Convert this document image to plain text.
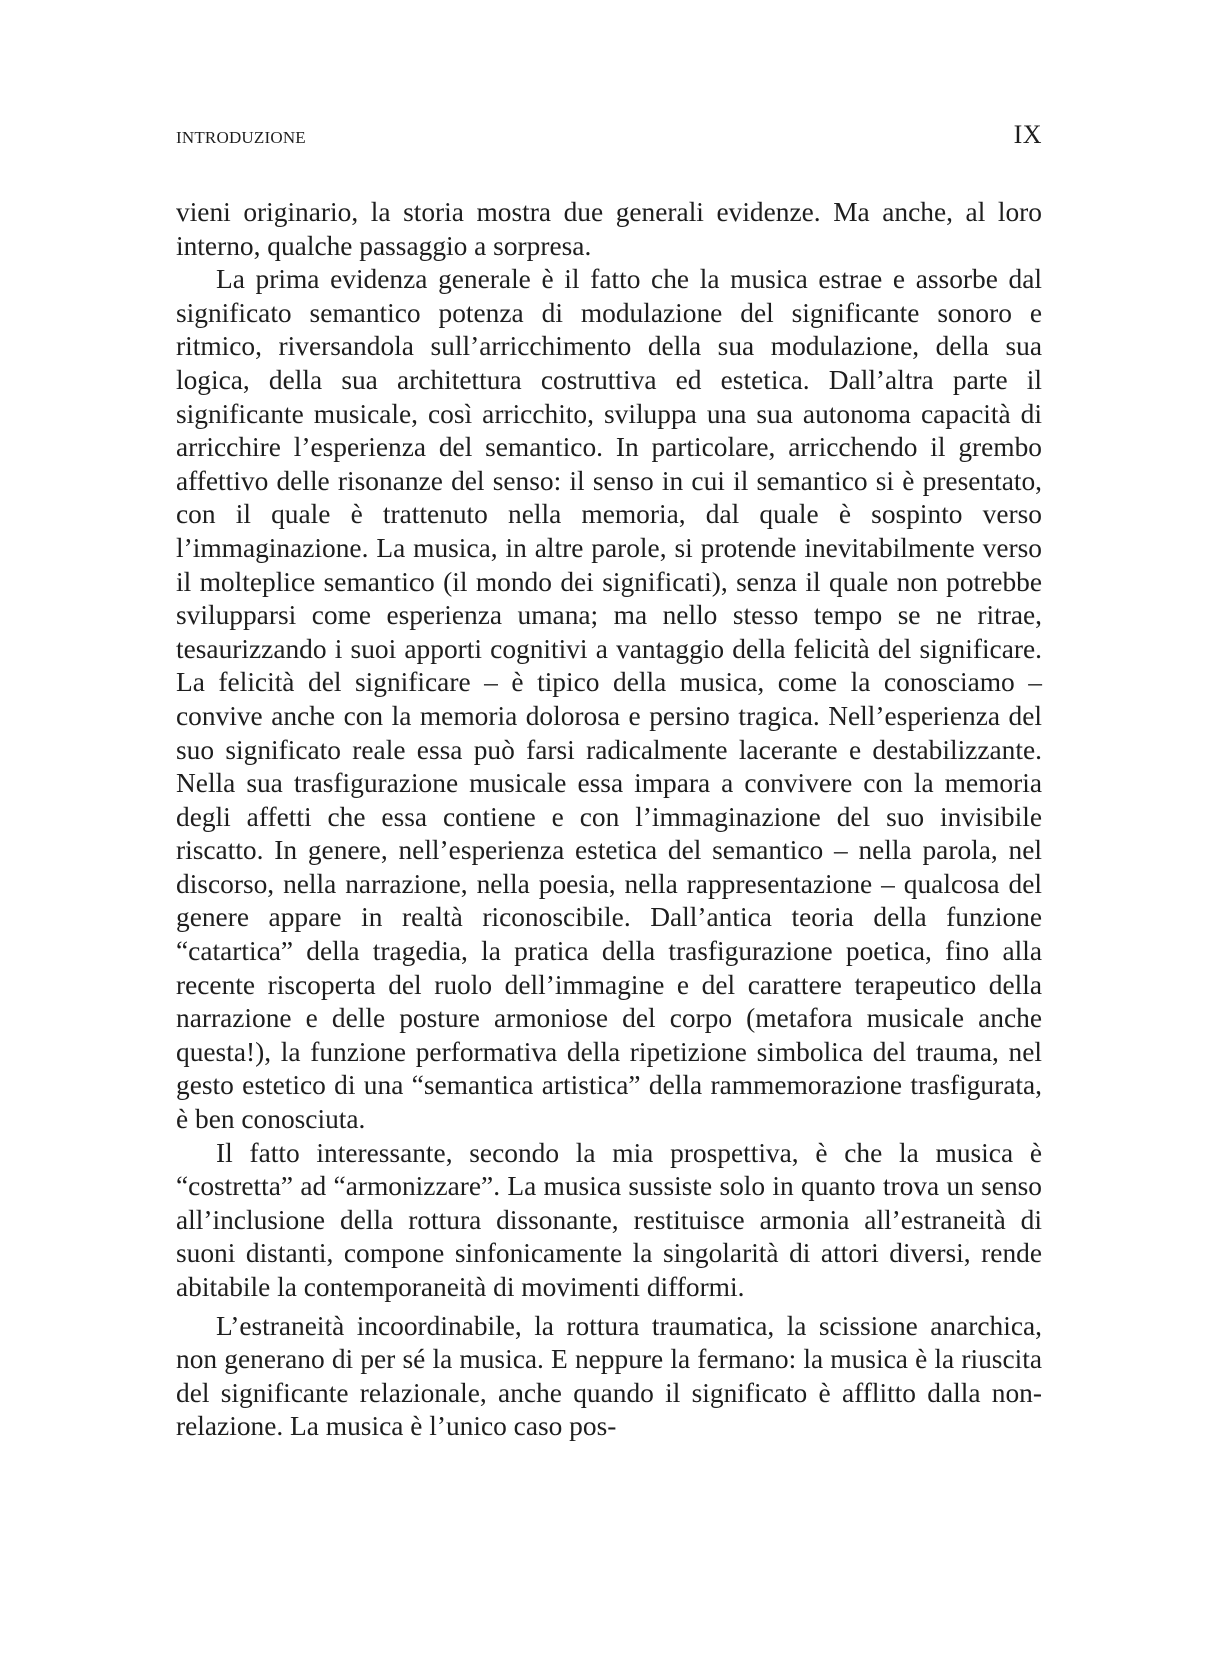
INTRODUZIONE	IX

vieni originario, la storia mostra due generali evidenze. Ma anche, al loro interno, qualche passaggio a sorpresa.

La prima evidenza generale è il fatto che la musica estrae e assorbe dal significato semantico potenza di modulazione del significante sonoro e ritmico, riversandola sull’arricchimento della sua modulazione, della sua logica, della sua architettura costruttiva ed estetica. Dall’altra parte il significante musicale, così arricchito, sviluppa una sua autonoma capacità di arricchire l’esperienza del semantico. In particolare, arricchendo il grembo affettivo delle risonanze del senso: il senso in cui il semantico si è presentato, con il quale è trattenuto nella memoria, dal quale è sospinto verso l’immaginazione. La musica, in altre parole, si protende inevitabilmente verso il molteplice semantico (il mondo dei significati), senza il quale non potrebbe svilupparsi come esperienza umana; ma nello stesso tempo se ne ritrae, tesaurizzando i suoi apporti cognitivi a vantaggio della felicità del significare. La felicità del significare – è tipico della musica, come la conosciamo – convive anche con la memoria dolorosa e persino tragica. Nell’esperienza del suo significato reale essa può farsi radicalmente lacerante e destabilizzante. Nella sua trasfigurazione musicale essa impara a convivere con la memoria degli affetti che essa contiene e con l’immaginazione del suo invisibile riscatto. In genere, nell’esperienza estetica del semantico – nella parola, nel discorso, nella narrazione, nella poesia, nella rappresentazione – qualcosa del genere appare in realtà riconoscibile. Dall’antica teoria della funzione “catartica” della tragedia, la pratica della trasfigurazione poetica, fino alla recente riscoperta del ruolo dell’immagine e del carattere terapeutico della narrazione e delle posture armoniose del corpo (metafora musicale anche questa!), la funzione performativa della ripetizione simbolica del trauma, nel gesto estetico di una “semantica artistica” della rammemorazione trasfigurata, è ben conosciuta.

Il fatto interessante, secondo la mia prospettiva, è che la musica è “costretta” ad “armonizzare”. La musica sussiste solo in quanto trova un senso all’inclusione della rottura dissonante, restituisce armonia all’estraneità di suoni distanti, compone sinfonicamente la singolarità di attori diversi, rende abitabile la contemporaneità di movimenti difformi.

L’estraneità incoordinabile, la rottura traumatica, la scissione anarchica, non generano di per sé la musica. E neppure la fermano: la musica è la riuscita del significante relazionale, anche quando il significato è afflitto dalla non-relazione. La musica è l’unico caso pos-
